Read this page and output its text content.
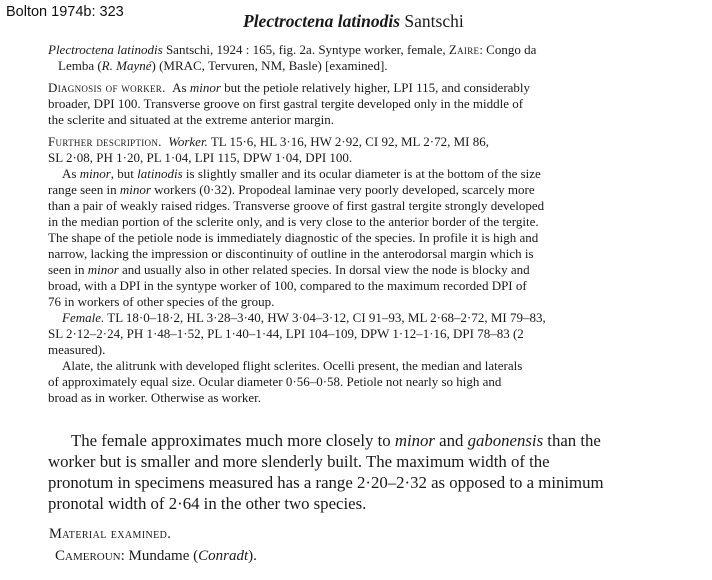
Bolton 1974b: 323	Plectroctena latinodis Santschi
Plectroctena latinodis Santschi, 1924 : 165, fig. 2a. Syntype worker, female, Zaire: Congo da
Lemba (R. Mayné) (MRAC, Tervuren, NM, Basle) [examined].
Diagnosis of worker. As minor but the petiole relatively higher, LPI 115, and considerably
broader, DPI 100. Transverse groove on first gastral tergite developed only in the middle of
the sclerite and situated at the extreme anterior margin.
Further description. Worker. TL 15·6, HL 3·16, HW 2·92, CI 92, ML 2·72, MI 86,
SL 2·08, PH 1·20, PL 1·04, LPI 115, DPW 1·04, DPI 100.
As minor, but latinodis is slightly smaller and its ocular diameter is at the bottom of the size
range seen in minor workers (0·32). Propodeal laminae very poorly developed, scarcely more
than a pair of weakly raised ridges. Transverse groove of first gastral tergite strongly developed
in the median portion of the sclerite only, and is very close to the anterior border of the tergite.
The shape of the petiole node is immediately diagnostic of the species. In profile it is high and
narrow, lacking the impression or discontinuity of outline in the anterodorsal margin which is
seen in minor and usually also in other related species. In dorsal view the node is blocky and
broad, with a DPI in the syntype worker of 100, compared to the maximum recorded DPI of
76 in workers of other species of the group.
Female. TL 18·0–18·2, HL 3·28–3·40, HW 3·04–3·12, CI 91–93, ML 2·68–2·72, MI 79–83,
SL 2·12–2·24, PH 1·48–1·52, PL 1·40–1·44, LPI 104–109, DPW 1·12–1·16, DPI 78–83 (2
measured).
Alate, the alitrunk with developed flight sclerites. Ocelli present, the median and laterals
of approximately equal size. Ocular diameter 0·56–0·58. Petiole not nearly so high and
broad as in worker. Otherwise as worker.
The female approximates much more closely to minor and gabonensis than the
worker but is smaller and more slenderly built. The maximum width of the
pronotum in specimens measured has a range 2·20–2·32 as opposed to a minimum
pronotal width of 2·64 in the other two species.
Material examined.
Cameroun: Mundame (Conradt).
